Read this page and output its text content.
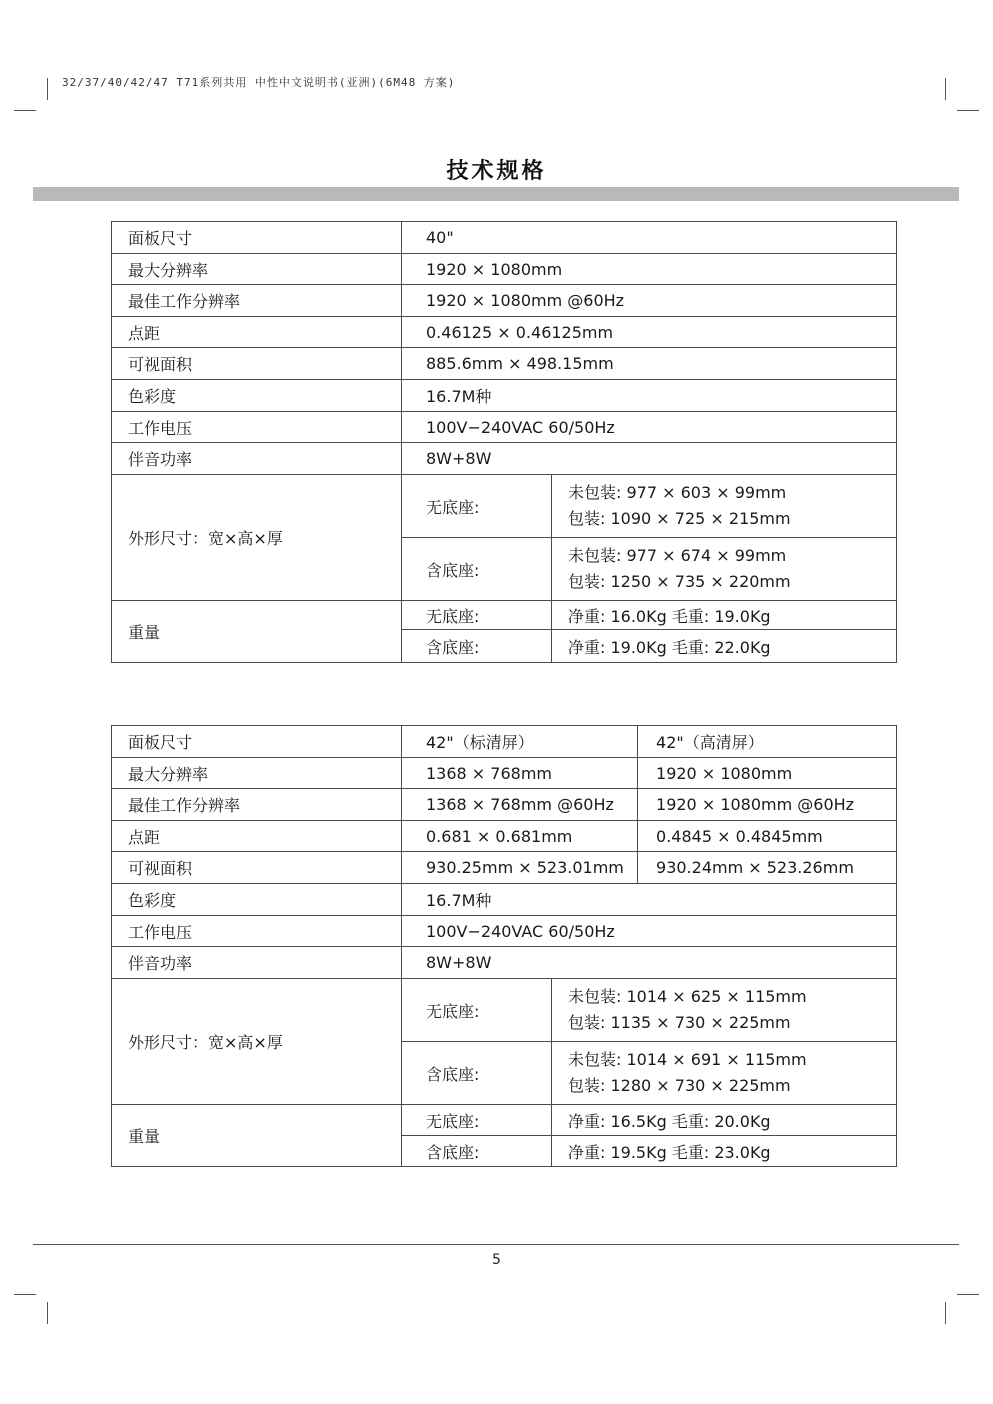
32/37/40/42/47 T71系列共用 中性中文说明书(亚洲)(6M48 方案)
技术规格
面板尺寸	40"	
最大分辨率	1920 × 1080mm	
最佳工作分辨率	1920 × 1080mm @60Hz	
点距	0.46125 × 0.46125mm	
可视面积	885.6mm × 498.15mm	
色彩度	16.7M种	
工作电压	100V−240VAC 60/50Hz	
伴音功率	8W+8W	
外形尺寸：宽×高×厚	无底座:	未包装: 977 × 603 × 99mm
包装: 1090 × 725 × 215mm

	含底座:	未包装: 977 × 674 × 99mm
包装: 1250 × 735 × 220mm

重量	无底座:	净重: 16.0Kg 毛重: 19.0Kg
	含底座:	净重: 19.0Kg 毛重: 22.0Kg
面板尺寸	42"（标清屏）		42"（高清屏）
最大分辨率	1368 × 768mm		1920 × 1080mm
最佳工作分辨率	1368 × 768mm @60Hz		1920 × 1080mm @60Hz
点距	0.681 × 0.681mm		0.4845 × 0.4845mm
可视面积	930.25mm × 523.01mm		930.24mm × 523.26mm
色彩度	16.7M种		
工作电压	100V−240VAC 60/50Hz		
伴音功率	8W+8W		
外形尺寸：宽×高×厚	无底座:	未包装: 1014 × 625 × 115mm
包装: 1135 × 730 × 225mm	

	含底座:	未包装: 1014 × 691 × 115mm
包装: 1280 × 730 × 225mm	

重量	无底座:	净重: 16.5Kg 毛重: 20.0Kg	
	含底座:	净重: 19.5Kg 毛重: 23.0Kg	
5
